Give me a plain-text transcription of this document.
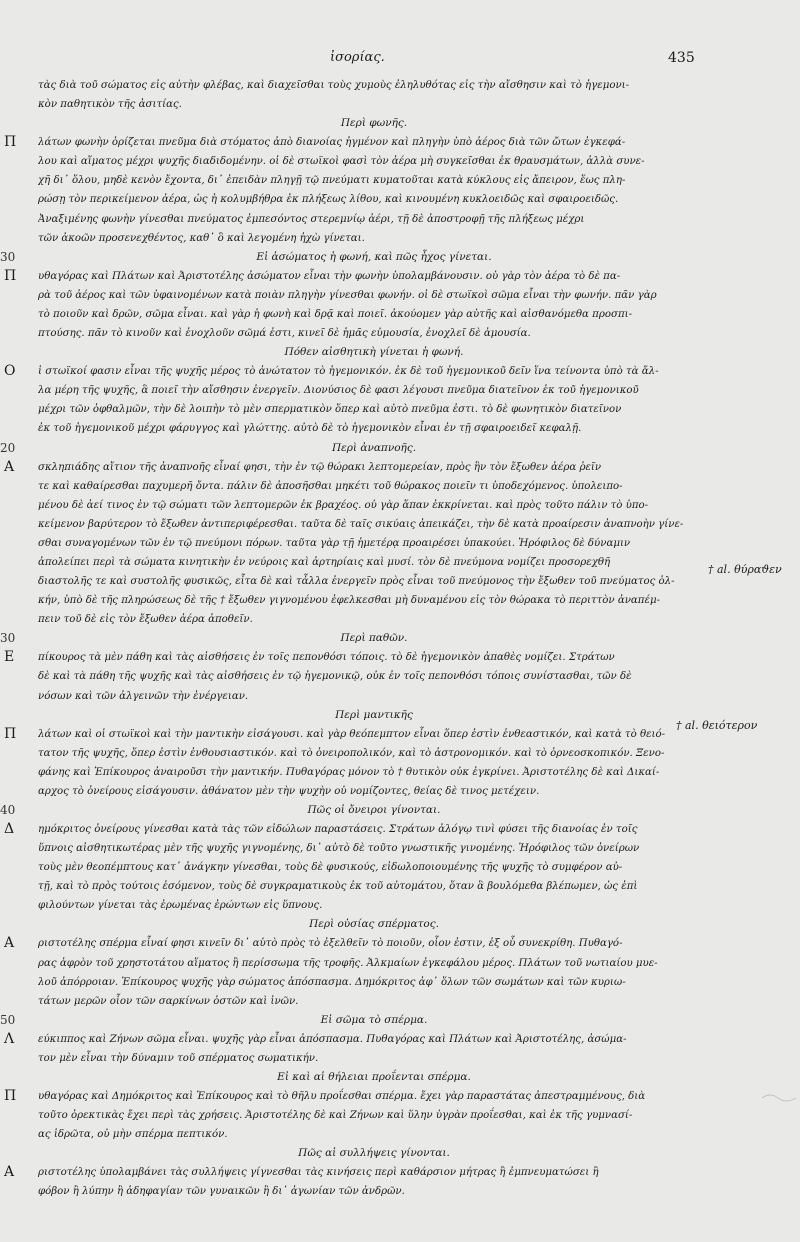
ἰσορίας.	435
τὰς διὰ τοῦ σώματος εἰς αὐτὴν φλέβας, καὶ διαχεῖσθαι τοὺς χυμοὺς ἐληλυθότας εἰς τὴν αἴσθησιν καὶ τὸ ἡγεμονι-
κὸν παθητικὸν τῆς ἀσιτίας.
Περὶ φωνῆς.
Π λάτων φωνὴν ὁρίζεται πνεῦμα διὰ στόματος ἀπὸ διανοίας ἠγμένον καὶ πληγὴν ὑπὸ ἀέρος διὰ τῶν ὤτων ἐγκεφά-
λου καὶ αἵματος μέχρι ψυχῆς διαδιδομένην. οἱ δὲ στωϊκοὶ φασὶ τὸν ἀέρα μὴ συγκεῖσθαι ἐκ θραυσμάτων, ἀλλὰ συνε-
χῆ δι᾽ ὅλου, μηδὲ κενὸν ἔχοντα, δι᾽ ἐπειδὰν πληγῇ τῷ πνεύματι κυματοῦται κατὰ κύκλους εἰς ἄπειρον, ἕως πλη-
ρώσῃ τὸν περικείμενον ἀέρα, ὡς ἡ κολυμβήθρα ἐκ πλήξεως λίθου, καὶ κινουμένη κυκλοειδῶς καὶ σφαιροειδῶς.
Ἀναξιμένης φωνὴν γίνεσθαι πνεύματος ἐμπεσόντος στερεμνίῳ ἀέρι, τῇ δὲ ἀποστροφῇ τῆς πλήξεως μέχρι
τῶν ἀκοῶν προσενεχθέντος, καθ᾽ ὃ καὶ λεγομένη ἠχὼ γίνεται.
Εἰ ἀσώματος ἡ φωνή, καὶ πῶς ἦχος γίνεται.
Π
30
υθαγόρας καὶ Πλάτων καὶ Ἀριστοτέλης ἀσώματον εἶναι τὴν φωνὴν ὑπολαμβάνουσιν. οὐ γὰρ τὸν ἀέρα τὸ δὲ πα-
ρὰ τοῦ ἀέρος καὶ τῶν ὑφαινομένων κατὰ ποιὰν πληγὴν γίνεσθαι φωνήν. οἱ δὲ στωϊκοὶ σῶμα εἶναι τὴν φωνήν. πᾶν γὰρ
τὸ ποιοῦν καὶ δρῶν, σῶμα εἶναι. καὶ γὰρ ἡ φωνὴ καὶ δρᾷ καὶ ποιεῖ. ἀκούομεν γὰρ αὐτῆς καὶ αἰσθανόμεθα προσπι-
πτούσης. πᾶν τὸ κινοῦν καὶ ἐνοχλοῦν σῶμά ἐστι, κινεῖ δὲ ἡμᾶς εὐμουσία, ἐνοχλεῖ δὲ ἀμουσία.
Πόθεν αἰσθητικὴ γίνεται ἡ φωνή.
Ο ἱ στωϊκοί φασιν εἶναι τῆς ψυχῆς μέρος τὸ ἀνώτατον τὸ ἡγεμονικόν. ἐκ δὲ τοῦ ἡγεμονικοῦ δεῖν ἵνα τείνοντα ὑπὸ τὰ ἄλ-
λα μέρη τῆς ψυχῆς, ἃ ποιεῖ τὴν αἴσθησιν ἐνεργεῖν. Διονύσιος δὲ φασι λέγουσι πνεῦμα διατεῖνον ἐκ τοῦ ἡγεμονικοῦ
μέχρι τῶν ὀφθαλμῶν, τὴν δὲ λοιπὴν τὸ μὲν σπερματικὸν ὅπερ καὶ αὐτὸ πνεῦμα ἐστι. τὸ δὲ φωνητικὸν διατεῖνον
ἐκ τοῦ ἡγεμονικοῦ μέχρι φάρυγγος καὶ γλώττης. αὐτὸ δὲ τὸ ἡγεμονικὸν εἶναι ἐν τῇ σφαιροειδεῖ κεφαλῇ.
Περὶ ἀναπνοῆς.
Α
20
σκληπιάδης αἴτιον τῆς ἀναπνοῆς εἶναί φησι, τὴν ἐν τῷ θώρακι λεπτομερείαν, πρὸς ἣν τὸν ἔξωθεν ἀέρα ῥεῖν
τε καὶ καθαίρεσθαι παχυμερῆ ὄντα. πάλιν δὲ ἀποσῆσθαι μηκέτι τοῦ θώρακος ποιεῖν τι ὑποδεχόμενος. ὑπολειπο-
μένου δὲ ἀεί τινος ἐν τῷ σώματι τῶν λεπτομερῶν ἐκ βραχέος. οὐ γὰρ ἅπαν ἐκκρίνεται. καὶ πρὸς τοῦτο πάλιν τὸ ὑπο-
κείμενον βαρύτερον τὸ ἔξωθεν ἀντιπεριφέρεσθαι. ταῦτα δὲ ταῖς σικύαις ἀπεικάζει, τὴν δὲ κατὰ προαίρεσιν ἀναπνοὴν γίνε-
σθαι συναγομένων τῶν ἐν τῷ πνεύμονι πόρων. ταῦτα γὰρ τῇ ἡμετέρᾳ προαιρέσει ὑπακούει. Ἡρόφιλος δὲ δύναμιν
ἀπολείπει περὶ τὰ σώματα κινητικὴν ἐν νεύροις καὶ ἀρτηρίαις καὶ μυσί. τὸν δὲ πνεύμονα νομίζει προσορεχθῆ
διαστολῆς τε καὶ συστολῆς φυσικῶς, εἶτα δὲ καὶ τἆλλα ἐνεργεῖν πρὸς εἶναι τοῦ πνεύμονος τὴν ἔξωθεν τοῦ πνεύματος ὁλ-
κήν, ὑπὸ δὲ τῆς πληρώσεως δὲ τῆς † ἔξωθεν γιγνομένου ἐφελκεσθαι μὴ δυναμένου εἰς τὸν θώρακα τὸ περιττὸν ἀναπέμ-
πειν τοῦ δὲ εἰς τὸν ἔξωθεν ἀέρα ἀποθεῖν.
Περὶ παθῶν.
Ε
30
πίκουρος τὰ μὲν πάθη καὶ τὰς αἰσθήσεις ἐν τοῖς πεπονθόσι τόποις. τὸ δὲ ἡγεμονικὸν ἀπαθὲς νομίζει. Στράτων
δὲ καὶ τὰ πάθη τῆς ψυχῆς καὶ τὰς αἰσθήσεις ἐν τῷ ἡγεμονικῷ, οὐκ ἐν τοῖς πεπονθόσι τόποις συνίστασθαι, τῶν δὲ
νόσων καὶ τῶν ἀλγεινῶν τὴν ἐνέργειαν.
Περὶ μαντικῆς
Π λάτων καὶ οἱ στωϊκοὶ καὶ τὴν μαντικὴν εἰσάγουσι. καὶ γὰρ θεόπεμπτον εἶναι ὅπερ ἐστὶν ἐνθεαστικόν, καὶ κατὰ τὸ θειό-
τατον τῆς ψυχῆς, ὅπερ ἐστὶν ἐνθουσιαστικόν. καὶ τὸ ὀνειροπολικόν, καὶ τὸ ἀστρονομικόν. καὶ τὸ ὀρνεοσκοπικόν. Ξενο-
φάνης καὶ Ἐπίκουρος ἀναιροῦσι τὴν μαντικήν. Πυθαγόρας μόνον τὸ † θυτικὸν οὐκ ἐγκρίνει. Ἀριστοτέλης δὲ καὶ Δικαί-
αρχος τὸ ὀνείρους εἰσάγουσιν. ἀθάνατον μὲν τὴν ψυχὴν οὐ νομίζοντες, θείας δὲ τινος μετέχειν.
Πῶς οἱ ὄνειροι γίνονται.
Δ
40
ημόκριτος ὀνείρους γίνεσθαι κατὰ τὰς τῶν εἰδώλων παραστάσεις. Στράτων ἀλόγῳ τινὶ φύσει τῆς διανοίας ἐν τοῖς
ὕπνοις αἰσθητικωτέρας μὲν τῆς ψυχῆς γιγνομένης, δι᾽ αὐτὸ δὲ τοῦτο γνωστικῆς γινομένης. Ἡρόφιλος τῶν ὀνείρων
τοὺς μὲν θεοπέμπτους κατ᾽ ἀνάγκην γίνεσθαι, τοὺς δὲ φυσικούς, εἰδωλοποιουμένης τῆς ψυχῆς τὸ συμφέρον αὐ-
τῇ, καὶ τὸ πρὸς τούτοις ἐσόμενον, τοὺς δὲ συγκραματικοὺς ἐκ τοῦ αὐτομάτου, ὅταν ἃ βουλόμεθα βλέπωμεν, ὡς ἐπὶ
φιλούντων γίνεται τὰς ἐρωμένας ἐρώντων εἰς ὕπνους.
Περὶ οὐσίας σπέρματος.
Α ριστοτέλης σπέρμα εἶναί φησι κινεῖν δι᾽ αὑτὸ πρὸς τὸ ἐξελθεῖν τὸ ποιοῦν, οἷον ἐστιν, ἐξ οὗ συνεκρίθη. Πυθαγό-
ρας ἀφρὸν τοῦ χρηστοτάτου αἵματος ἢ περίσσωμα τῆς τροφῆς. Ἀλκμαίων ἐγκεφάλου μέρος. Πλάτων τοῦ νωτιαίου μυε-
λοῦ ἀπόρροιαν. Ἐπίκουρος ψυχῆς γὰρ σώματος ἀπόσπασμα. Δημόκριτος ἀφ᾽ ὅλων τῶν σωμάτων καὶ τῶν κυριω-
τάτων μερῶν οἷον τῶν σαρκίνων ὀστῶν καὶ ἰνῶν.
Εἰ σῶμα τὸ σπέρμα.
Λ
50
εύκιππος καὶ Ζήνων σῶμα εἶναι. ψυχῆς γὰρ εἶναι ἀπόσπασμα. Πυθαγόρας καὶ Πλάτων καὶ Ἀριστοτέλης, ἀσώμα-
τον μὲν εἶναι τὴν δύναμιν τοῦ σπέρματος σωματικήν.
Εἰ καὶ αἱ θήλειαι προΐενται σπέρμα.
Π υθαγόρας καὶ Δημόκριτος καὶ Ἐπίκουρος καὶ τὸ θῆλυ προΐεσθαι σπέρμα. ἔχει γὰρ παραστάτας ἀπεστραμμένους, διὰ
τοῦτο ὀρεκτικὰς ἔχει περὶ τὰς χρήσεις. Ἀριστοτέλης δὲ καὶ Ζήνων καὶ ὕλην ὑγρὰν προΐεσθαι, καὶ ἐκ τῆς γυμνασί-
ας ἱδρῶτα, οὐ μὴν σπέρμα πεπτικόν.
Πῶς αἱ συλλήψεις γίνονται.
Α ριστοτέλης ὑπολαμβάνει τὰς συλλήψεις γίγνεσθαι τὰς κινήσεις περὶ καθάρσιον μήτρας ἢ ἐμπνευματώσει ἢ
φόβον ἢ λύπην ἢ ἀδηφαγίαν τῶν γυναικῶν ἢ δι᾽ ἀγωνίαν τῶν ἀνδρῶν.
† al. θύραϑεν
† al. θειότερον
